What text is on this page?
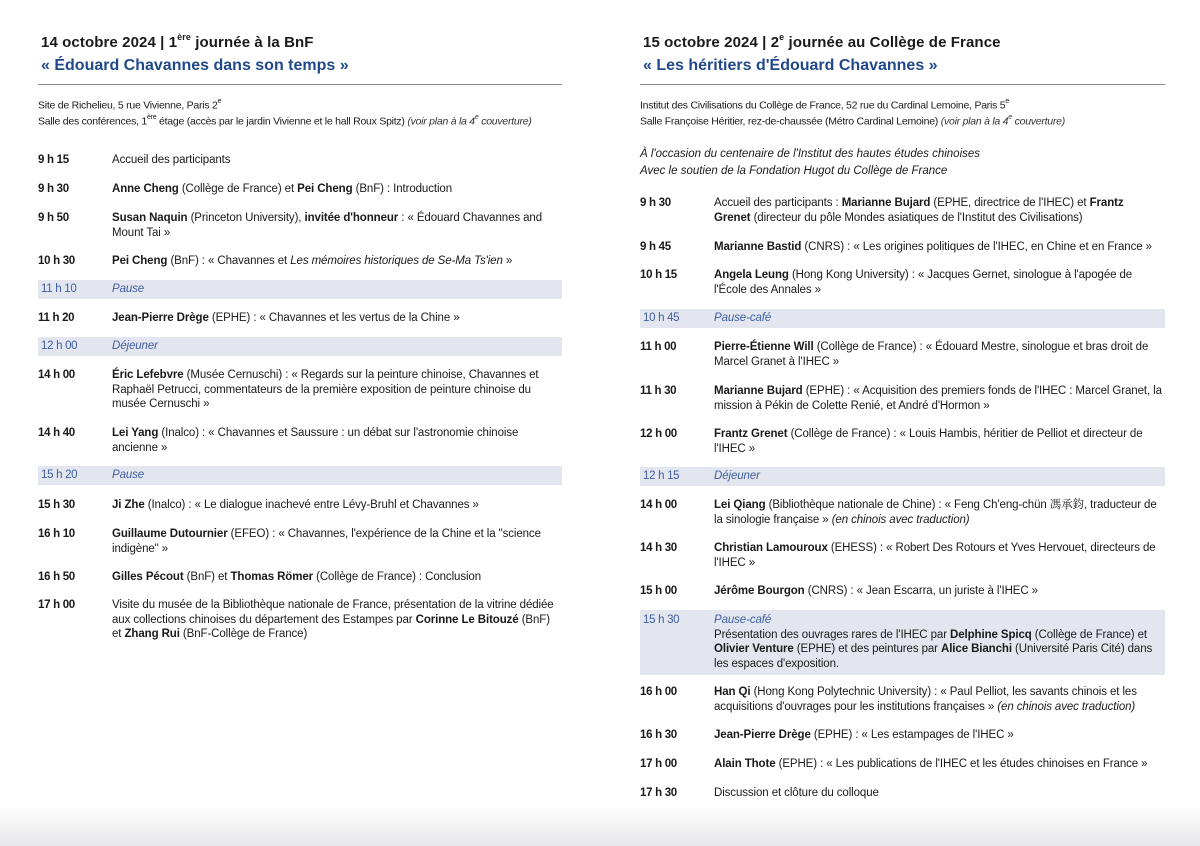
14 octobre 2024 | 1ère journée à la BnF
« Édouard Chavannes dans son temps »
Site de Richelieu, 5 rue Vivienne, Paris 2e
Salle des conférences, 1ère étage (accès par le jardin Vivienne et le hall Roux Spitz) (voir plan à la 4e couverture)
9 h 15	Accueil des participants
9 h 30	Anne Cheng (Collège de France) et Pei Cheng (BnF) : Introduction
9 h 50	Susan Naquin (Princeton University), invitée d'honneur : « Édouard Chavannes and Mount Tai »
10 h 30	Pei Cheng (BnF) : « Chavannes et Les mémoires historiques de Se-Ma Ts'ien »
11 h 10	Pause
11 h 20	Jean-Pierre Drège (EPHE) : « Chavannes et les vertus de la Chine »
12 h 00	Déjeuner
14 h 00	Éric Lefebvre (Musée Cernuschi) : « Regards sur la peinture chinoise, Chavannes et Raphaël Petrucci, commentateurs de la première exposition de peinture chinoise du musée Cernuschi »
14 h 40	Lei Yang (Inalco) : « Chavannes et Saussure : un débat sur l'astronomie chinoise ancienne »
15 h 20	Pause
15 h 30	Ji Zhe (Inalco) : « Le dialogue inachevé entre Lévy-Bruhl et Chavannes »
16 h 10	Guillaume Dutournier (EFEO) : « Chavannes, l'expérience de la Chine et la "science indigène" »
16 h 50	Gilles Pécout (BnF) et Thomas Römer (Collège de France) : Conclusion
17 h 00	Visite du musée de la Bibliothèque nationale de France, présentation de la vitrine dédiée aux collections chinoises du département des Estampes par Corinne Le Bitouzé (BnF) et Zhang Rui (BnF-Collège de France)
15 octobre 2024 | 2e journée au Collège de France
« Les héritiers d'Édouard Chavannes »
Institut des Civilisations du Collège de France, 52 rue du Cardinal Lemoine, Paris 5e
Salle Françoise Héritier, rez-de-chaussée (Métro Cardinal Lemoine) (voir plan à la 4e couverture)
À l'occasion du centenaire de l'Institut des hautes études chinoises
Avec le soutien de la Fondation Hugot du Collège de France
9 h 30	Accueil des participants : Marianne Bujard (EPHE, directrice de l'IHEC) et Frantz Grenet (directeur du pôle Mondes asiatiques de l'Institut des Civilisations)
9 h 45	Marianne Bastid (CNRS) : « Les origines politiques de l'IHEC, en Chine et en France »
10 h 15	Angela Leung (Hong Kong University) : « Jacques Gernet, sinologue à l'apogée de l'École des Annales »
10 h 45	Pause-café
11 h 00	Pierre-Étienne Will (Collège de France) : « Édouard Mestre, sinologue et bras droit de Marcel Granet à l'IHEC »
11 h 30	Marianne Bujard (EPHE) : « Acquisition des premiers fonds de l'IHEC : Marcel Granet, la mission à Pékin de Colette Renié, et André d'Hormon »
12 h 00	Frantz Grenet (Collège de France) : « Louis Hambis, héritier de Pelliot et directeur de l'IHEC »
12 h 15	Déjeuner
14 h 00	Lei Qiang (Bibliothèque nationale de Chine) : « Feng Ch'eng-chün 馮承鈞, traducteur de la sinologie française » (en chinois avec traduction)
14 h 30	Christian Lamouroux (EHESS) : « Robert Des Rotours et Yves Hervouet, directeurs de l'IHEC »
15 h 00	Jérôme Bourgon (CNRS) : « Jean Escarra, un juriste à l'IHEC »
15 h 30	Pause-café
Présentation des ouvrages rares de l'IHEC par Delphine Spicq (Collège de France) et Olivier Venture (EPHE) et des peintures par Alice Bianchi (Université Paris Cité) dans les espaces d'exposition.
16 h 00	Han Qi (Hong Kong Polytechnic University) : « Paul Pelliot, les savants chinois et les acquisitions d'ouvrages pour les institutions françaises » (en chinois avec traduction)
16 h 30	Jean-Pierre Drège (EPHE) : « Les estampages de l'IHEC »
17 h 00	Alain Thote (EPHE) : « Les publications de l'IHEC et les études chinoises en France »
17 h 30	Discussion et clôture du colloque
